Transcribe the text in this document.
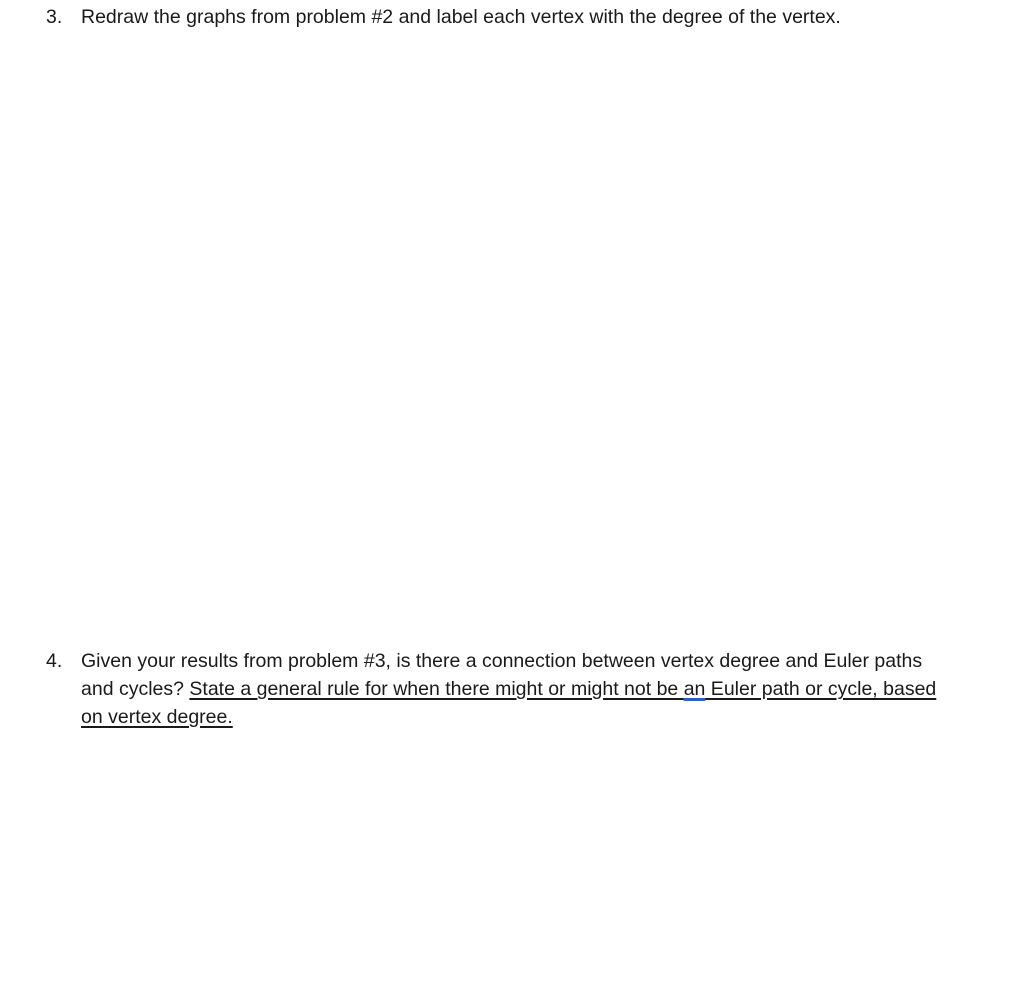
3. Redraw the graphs from problem #2 and label each vertex with the degree of the vertex.
4. Given your results from problem #3, is there a connection between vertex degree and Euler paths and cycles? State a general rule for when there might or might not be an Euler path or cycle, based on vertex degree.
